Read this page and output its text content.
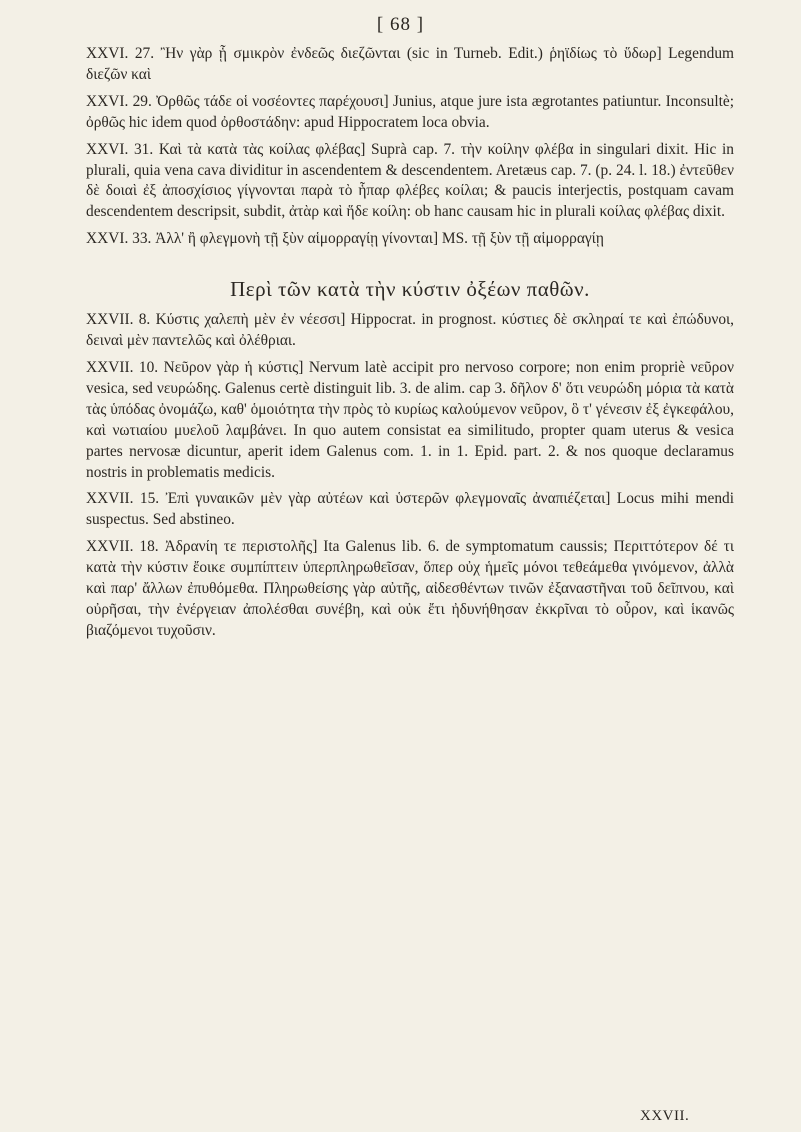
[ 68 ]

XXVI. 27. Ἢν γὰρ ᾗ σμικρὸν ἐνδεῶς διεζῶνται (sic in Turneb. Edit.) ῥηϊδίως τὸ ὕδωρ] Legendum διεζῶν καὶ

XXVI. 29. Ὀρθῶς τάδε οἱ νοσέοντες παρέχουσι] Junius, atque jure ista ægrotantes patiuntur. Inconsultè; ὀρθῶς hic idem quod ὀρθοστάδην: apud Hippocratem loca obvia.

XXVI. 31. Καὶ τὰ κατὰ τὰς κοίλας φλέβας] Suprà cap. 7. τὴν κοίλην φλέβα in singulari dixit. Hic in plurali, quia vena cava dividitur in ascendentem & descendentem. Aretæus cap. 7. (p. 24. l. 18.) ἐντεῦθεν δὲ δοιαὶ ἐξ ἀποσχίσιος γίγνονται παρὰ τὸ ἧπαρ φλέβες κοίλαι; & paucis interjectis, postquam cavam descendentem descripsit, subdit, ἀτὰρ καὶ ἥδε κοίλη: ob hanc causam hic in plurali κοίλας φλέβας dixit.

XXVI. 33. Ἀλλ' ἢ φλεγμονὴ τῇ ξὺν αἱμορραγίῃ γίνονται] MS. τῇ ξὺν τῇ αἱμορραγίῃ

Περὶ τῶν κατὰ τὴν κύστιν ὀξέων παθῶν.

XXVII. 8. Κύστις χαλεπὴ μὲν ἐν νέεσσι] Hippocrat. in prognost. κύστιες δὲ σκληραί τε καὶ ἐπώδυνοι, δειναὶ μὲν παντελῶς καὶ ὀλέθριαι.

XXVII. 10. Νεῦρον γὰρ ἡ κύστις] Nervum latè accipit pro nervoso corpore; non enim propriè νεῦρον vesica, sed νευρώδης. Galenus certè distinguit lib. 3. de alim. cap 3. δῆλον δ' ὅτι νευρώδη μόρια τὰ κατὰ τὰς ὑπόδας ὀνομάζω, καθ' ὁμοιότητα τὴν πρὸς τὸ κυρίως καλούμενον νεῦρον, ὃ τ' γένεσιν ἐξ ἐγκεφάλου, καὶ νωτιαίου μυελοῦ λαμβάνει. In quo autem consistat ea similitudo, propter quam uterus & vesica partes nervosæ dicuntur, aperit idem Galenus com. 1. in 1. Epid. part. 2. & nos quoque declaramus nostris in problematis medicis.

XXVII. 15. Ἐπὶ γυναικῶν μὲν γὰρ αὐτέων καὶ ὑστερῶν φλεγμοναῖς ἀναπιέζεται] Locus mihi mendi suspectus. Sed abstineo.

XXVII. 18. Ἀδρανίη τε περιστολῆς] Ita Galenus lib. 6. de symptomatum caussis; Περιττότερον δέ τι κατὰ τὴν κύστιν ἔοικε συμπίπτειν ὑπερπληρωθεῖσαν, ὅπερ οὐχ ἡμεῖς μόνοι τεθεάμεθα γινόμενον, ἀλλὰ καὶ παρ' ἄλλων ἐπυθόμεθα. Πληρωθείσης γὰρ αὐτῆς, αἰδεσθέντων τινῶν ἐξαναστῆναι τοῦ δεῖπνου, καὶ οὐρῆσαι, τὴν ἐνέργειαν ἀπολέσθαι συνέβη, καὶ οὐκ ἔτι ἠδυνήθησαν ἐκκρῖναι τὸ οὖρον, καὶ ἱκανῶς βιαζόμενοι τυχοῦσιν.

XXVII.
